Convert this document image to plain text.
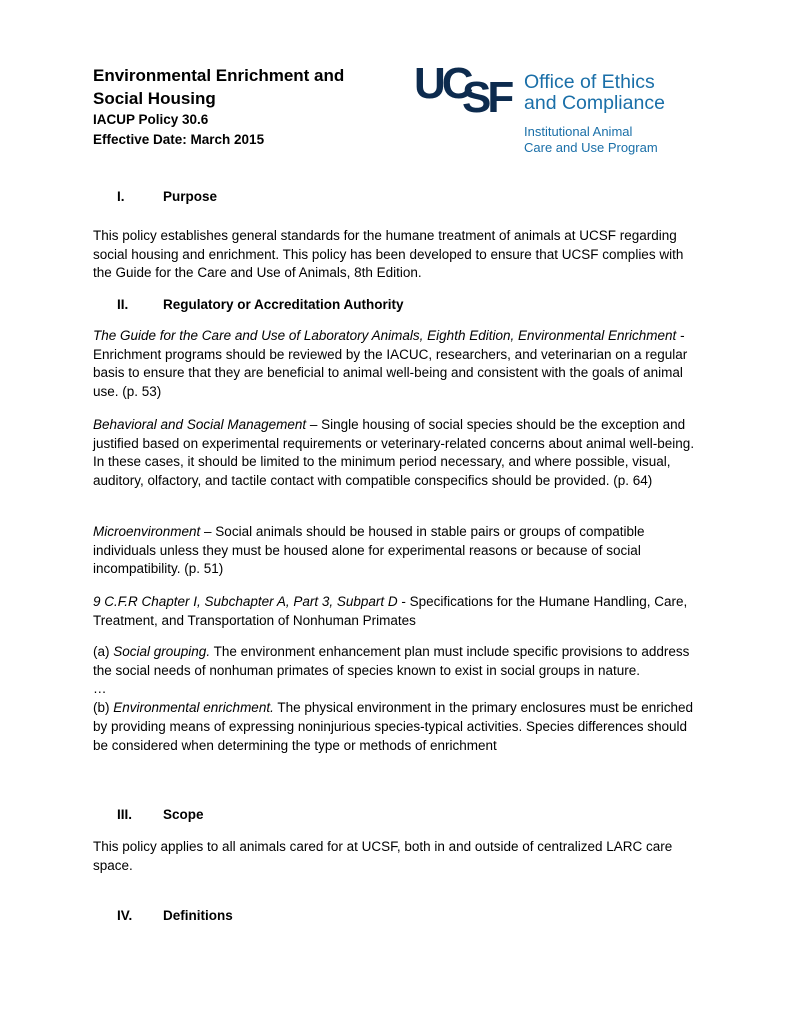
Environmental Enrichment and
Social Housing

IACUP Policy 30.6

Effective Date: March 2015

UC
SF Office of Ethics

and Compliance

Institutional Animal

Care and Use Program

I.	Purpose

This policy establishes general standards for the humane treatment of animals at UCSF regarding social housing and enrichment. This policy has been developed to ensure that UCSF complies with the Guide for the Care and Use of Animals, 8th Edition.

II.	Regulatory or Accreditation Authority

The Guide for the Care and Use of Laboratory Animals, Eighth Edition, Environmental Enrichment - Enrichment programs should be reviewed by the IACUC, researchers, and veterinarian on a regular basis to ensure that they are beneficial to animal well-being and consistent with the goals of animal use. (p. 53)

Behavioral and Social Management – Single housing of social species should be the exception and justified based on experimental requirements or veterinary-related concerns about animal well-being. In these cases, it should be limited to the minimum period necessary, and where possible, visual, auditory, olfactory, and tactile contact with compatible conspecifics should be provided. (p. 64)

Microenvironment – Social animals should be housed in stable pairs or groups of compatible individuals unless they must be housed alone for experimental reasons or because of social incompatibility. (p. 51)

9 C.F.R Chapter I, Subchapter A, Part 3, Subpart D - Specifications for the Humane Handling, Care, Treatment, and Transportation of Nonhuman Primates

(a) Social grouping. The environment enhancement plan must include specific provisions to address the social needs of nonhuman primates of species known to exist in social groups in nature.
…
(b) Environmental enrichment. The physical environment in the primary enclosures must be enriched by providing means of expressing noninjurious species-typical activities. Species differences should be considered when determining the type or methods of enrichment

III. Scope

This policy applies to all animals cared for at UCSF, both in and outside of centralized LARC care space.

IV. Definitions
